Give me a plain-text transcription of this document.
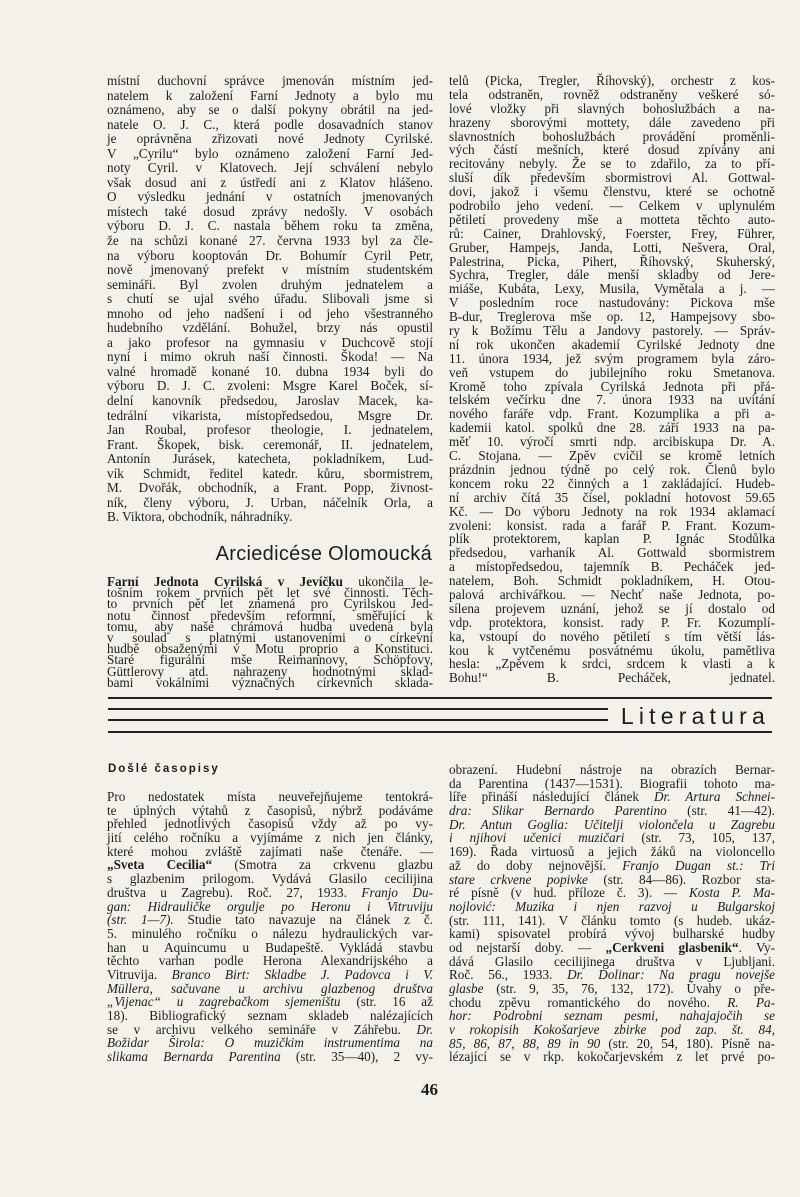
místní duchovní správce jmenován místním jed-
natelem k založení Farní Jednoty a bylo mu
oznámeno, aby se o další pokyny obrátil na jed-
natele O. J. C., která podle dosavadních stanov
je oprávněna zřizovati nové Jednoty Cyrilské.
V „Cyrilu“ bylo oznámeno založení Farní Jed-
noty Cyril. v Klatovech. Její schválení nebylo
však dosud ani z ústředí ani z Klatov hlášeno.
O výsledku jednání v ostatních jmenovaných
místech také dosud zprávy nedošly. V osobách
výboru D. J. C. nastala během roku ta změna,
že na schůzi konané 27. června 1933 byl za čle-
na výboru kooptován Dr. Bohumír Cyril Petr,
nově jmenovaný prefekt v místním studentském
semináři. Byl zvolen druhým jednatelem a
s chutí se ujal svého úřadu. Slibovali jsme si
mnoho od jeho nadšení i od jeho všestranného
hudebního vzdělání. Bohužel, brzy nás opustil
a jako profesor na gymnasiu v Duchcově stojí
nyní i mimo okruh naší činnosti. Škoda! — Na
valné hromadě konané 10. dubna 1934 byli do
výboru D. J. C. zvoleni: Msgre Karel Boček, sí-
delní kanovník předsedou, Jaroslav Macek, ka-
tedrální vikarista, místopředsedou, Msgre Dr.
Jan Roubal, profesor theologie, I. jednatelem,
Frant. Škopek, bisk. ceremonář, II. jednatelem,
Antonín Jurásek, katecheta, pokladníkem, Lud-
vík Schmidt, ředitel katedr. kůru, sbormistrem,
M. Dvořák, obchodník, a Frant. Popp, živnost-
ník, členy výboru, J. Urban, náčelník Orla, a
B. Viktora, obchodník, náhradníky.
Arciedicése Olomoucká
Farní Jednota Cyrilská v Jevíčku ukončila le-
tošním rokem prvních pět let své činnosti. Těch-
to prvních pět let znamená pro Cyrilskou Jed-
notu činnost především reformní, směřující k
tomu, aby naše chrámová hudba uvedena byla
v soulad s platnými ustanoveními o církevní
hudbě obsaženými v Motu proprio a Konstituci.
Staré figurální mše Reimannovy, Schöpfovy,
Güttlerovy atd. nahrazeny hodnotnými sklad-
bami vokálními význačných církevních sklada-
telů (Picka, Tregler, Říhovský), orchestr z kos-
tela odstraněn, rovněž odstraněny veškeré só-
lové vložky při slavných bohoslužbách a na-
hrazeny sborovými mottety, dále zavedeno při
slavnostních bohoslužbách provádění proměnli-
vých částí mešních, které dosud zpívány ani
recitovány nebyly. Že se to zdařilo, za to pří-
sluší dík především sbormistrovi Al. Gottwal-
dovi, jakož i všemu členstvu, které se ochotně
podrobilo jeho vedení. — Celkem v uplynulém
pětiletí provedeny mše a motteta těchto auto-
rů: Cainer, Drahlovský, Foerster, Frey, Führer,
Gruber, Hampejs, Janda, Lotti, Nešvera, Oral,
Palestrina, Picka, Pihert, Říhovský, Skuherský,
Sychra, Tregler, dále menší skladby od Jere-
miáše, Kubáta, Lexy, Musila, Vymětala a j. —
V posledním roce nastudovány: Pickova mše
B-dur, Treglerova mše op. 12, Hampejsovy sbo-
ry k Božímu Tělu a Jandovy pastorely. — Správ-
ní rok ukončen akademií Cyrilské Jednoty dne
11. února 1934, jež svým programem byla záro-
veň vstupem do jubilejního roku Smetanova.
Kromě toho zpívala Cyrilská Jednota při přá-
telském večírku dne 7. února 1933 na uvítání
nového faráře vdp. Frant. Kozumplika a při a-
kademii katol. spolků dne 28. září 1933 na pa-
měť 10. výročí smrti ndp. arcibiskupa Dr. A.
C. Stojana. — Zpěv cvičil se kromě letních
prázdnin jednou týdně po celý rok. Členů bylo
koncem roku 22 činných a 1 zakládající. Hudeb-
ní archiv čítá 35 čísel, pokladní hotovost 59.65
Kč. — Do výboru Jednoty na rok 1934 aklamací
zvoleni: konsist. rada a farář P. Frant. Kozum-
plík protektorem, kaplan P. Ignác Stodůlka
předsedou, varhaník Al. Gottwald sbormistrem
a místopředsedou, tajemník B. Pecháček jed-
natelem, Boh. Schmidt pokladníkem, H. Otou-
palová archivářkou. — Nechť naše Jednota, po-
sílena projevem uznání, jehož se jí dostalo od
vdp. protektora, konsist. rady P. Fr. Kozumplí-
ka, vstoupí do nového pětiletí s tím větší lás-
kou k vytčenému posvátnému úkolu, pamětliva
hesla: „Zpěvem k srdci, srdcem k vlasti a k
Bohu!“	B. Pecháček, jednatel.
Literatura
Došlé časopisy
Pro nedostatek místa neuveřejňujeme tentokrá-
te úplných výtahů z časopisů, nýbrž podáváme
přehled jednotlivých časopisů vždy až po vy-
jití celého ročníku a vyjímáme z nich jen články,
které mohou zvláště zajímati naše čtenáře. —
„Sveta Cecilia“ (Smotra za crkvenu glazbu
s glazbenim prilogom. Vydává Glasilo cecilijina
društva u Zagrebu). Roč. 27, 1933. Franjo Du-
gan: Hidrauličke orgulje po Heronu i Vitruviju
(str. 1—7). Studie tato navazuje na článek z č.
5. minulého ročníku o nálezu hydraulických var-
han u Aquincumu u Budapeště. Vykládá stavbu
těchto varhan podle Herona Alexandrijského a
Vitruvija. Branco Birt: Skladbe J. Padovca i V.
Müllera, sačuvane u archivu glazbenog društva
„Vijenac“ u zagrebačkom sjemeništu (str. 16 až
18). Bibliografický seznam skladeb nalézajících
se v archivu velkého semináře v Záhřebu. Dr.
Božidar Širola: O muzičkim instrumentima na
slikama Bernarda Parentina (str. 35—40), 2 vy-
obrazení. Hudební nástroje na obrazích Bernar-
da Parentina (1437—1531). Biografii tohoto ma-
líře přináší následující článek Dr. Artura Schnei-
dra: Slikar Bernardo Parentino (str. 41—42).
Dr. Antun Goglia: Učitelji violončela u Zagrebu
i njihovi učenici muzičari (str. 73, 105, 137,
169). Řada virtuosů a jejich žáků na violoncello
až do doby nejnovější. Franjo Dugan st.: Tri
stare crkvene popivke (str. 84—86). Rozbor sta-
ré písně (v hud. příloze č. 3). — Kosta P. Ma-
nojlović: Muzika i njen razvoj u Bulgarskoj
(str. 111, 141). V článku tomto (s hudeb. ukáz-
kami) spisovatel probírá vývoj bulharské hudby
od nejstarší doby. — „Cerkveni glasbenik“. Vy-
dává Glasilo cecilijinega društva v Ljubljani.
Roč. 56., 1933. Dr. Dolinar: Na pragu novejše
glasbe (str. 9, 35, 76, 132, 172). Úvahy o pře-
chodu zpěvu romantického do nového. R. Pa-
hor: Podrobni seznam pesmi, nahajajočih se
v rokopisih Kokošarjeve zbirke pod zap. št. 84,
85, 86, 87, 88, 89 in 90 (str. 20, 54, 180). Písně na-
lézající se v rkp. kokočarjevském z let prvé po-
46
